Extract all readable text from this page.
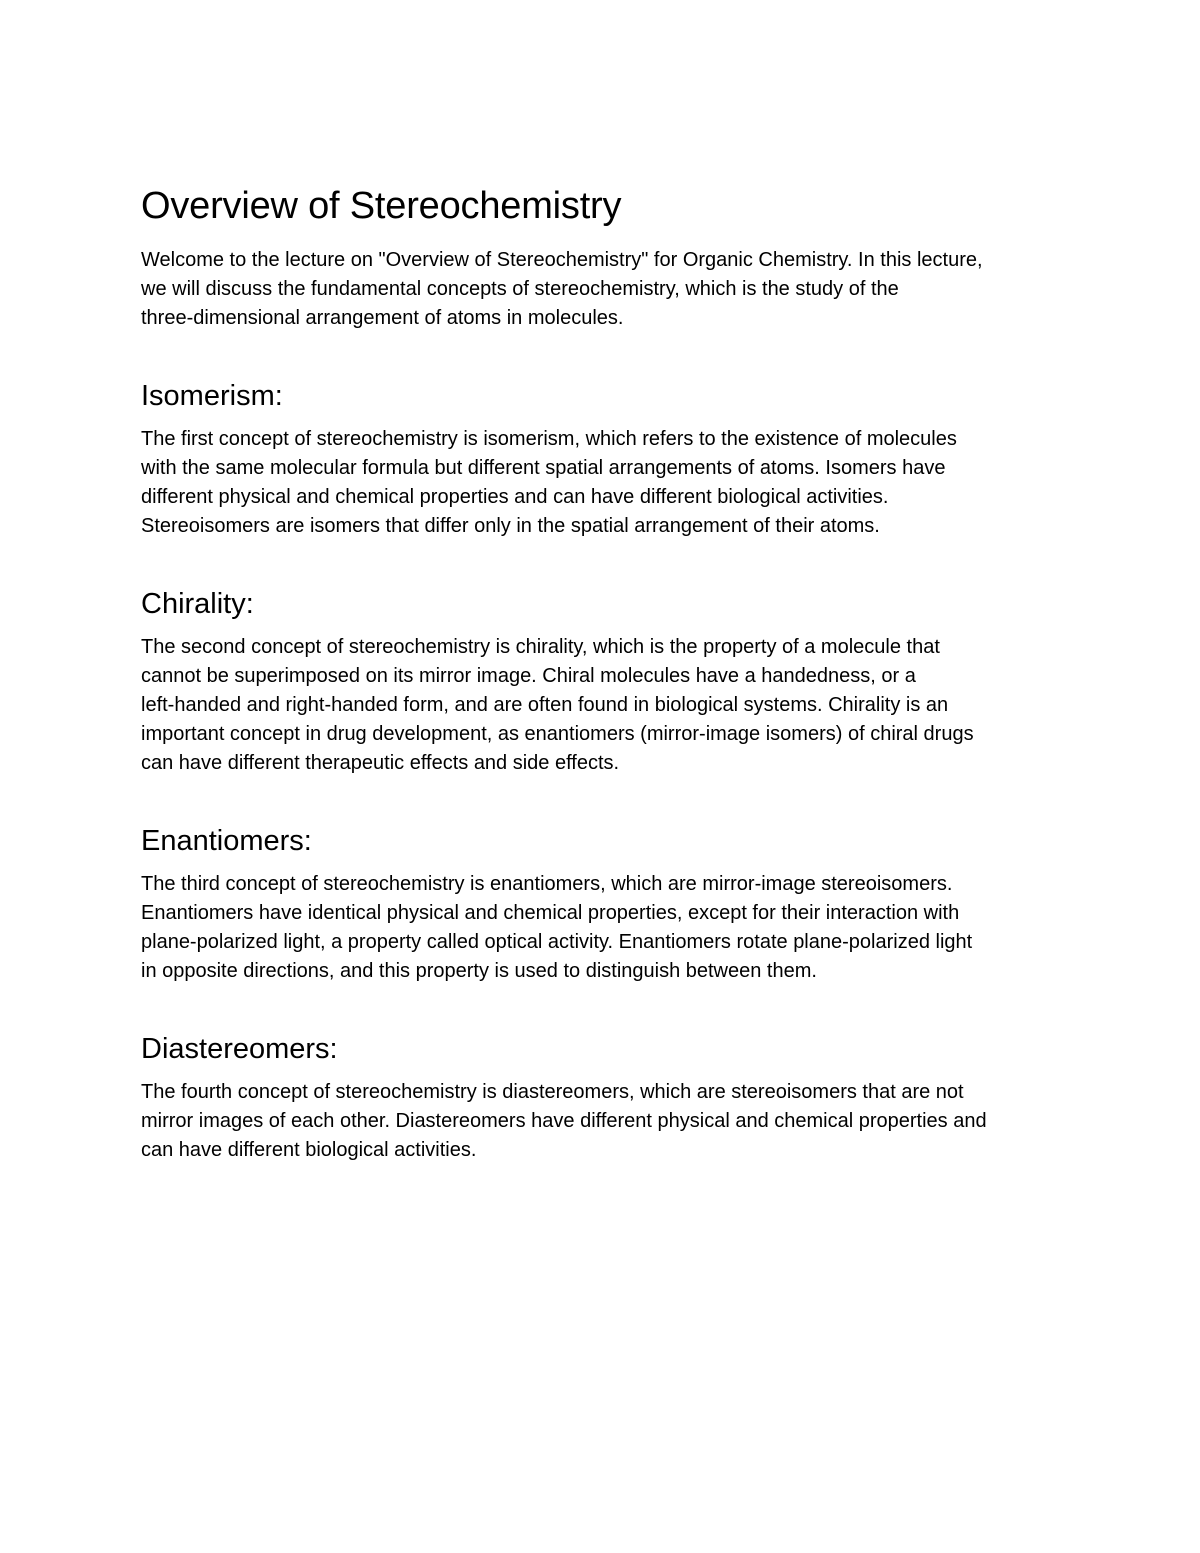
Overview of Stereochemistry

Welcome to the lecture on "Overview of Stereochemistry" for Organic Chemistry. In this lecture,
we will discuss the fundamental concepts of stereochemistry, which is the study of the
three-dimensional arrangement of atoms in molecules.

Isomerism:

The first concept of stereochemistry is isomerism, which refers to the existence of molecules
with the same molecular formula but different spatial arrangements of atoms. Isomers have
different physical and chemical properties and can have different biological activities.
Stereoisomers are isomers that differ only in the spatial arrangement of their atoms.

Chirality:

The second concept of stereochemistry is chirality, which is the property of a molecule that
cannot be superimposed on its mirror image. Chiral molecules have a handedness, or a
left-handed and right-handed form, and are often found in biological systems. Chirality is an
important concept in drug development, as enantiomers (mirror-image isomers) of chiral drugs
can have different therapeutic effects and side effects.

Enantiomers:

The third concept of stereochemistry is enantiomers, which are mirror-image stereoisomers.
Enantiomers have identical physical and chemical properties, except for their interaction with
plane-polarized light, a property called optical activity. Enantiomers rotate plane-polarized light
in opposite directions, and this property is used to distinguish between them.

Diastereomers:

The fourth concept of stereochemistry is diastereomers, which are stereoisomers that are not
mirror images of each other. Diastereomers have different physical and chemical properties and
can have different biological activities.
